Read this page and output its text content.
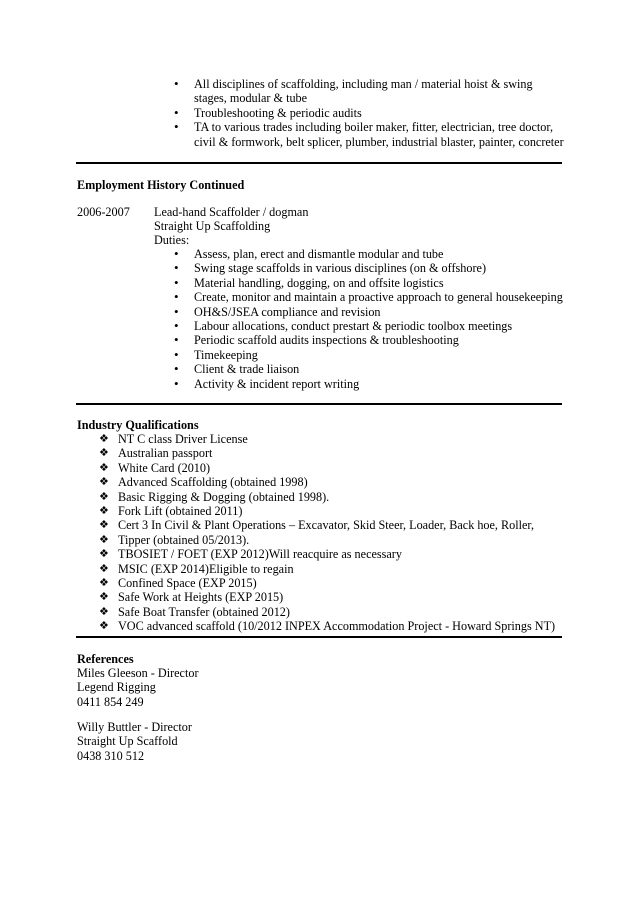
• All disciplines of scaffolding, including man / material hoist & swing stages, modular & tube
• Troubleshooting & periodic audits
• TA to various trades including boiler maker, fitter, electrician, tree doctor, civil & formwork, belt splicer, plumber, industrial blaster, painter, concreter
Employment History Continued
2006-2007 Lead-hand Scaffolder / dogman
Straight Up Scaffolding
Duties:
• Assess, plan, erect and dismantle modular and tube
• Swing stage scaffolds in various disciplines (on & offshore)
• Material handling, dogging, on and offsite logistics
• Create, monitor and maintain a proactive approach to general housekeeping
• OH&S/JSEA compliance and revision
• Labour allocations, conduct prestart & periodic toolbox meetings
• Periodic scaffold audits inspections & troubleshooting
• Timekeeping
• Client & trade liaison
• Activity & incident report writing
Industry Qualifications
❖ NT C class Driver License
❖ Australian passport
❖ White Card (2010)
❖ Advanced Scaffolding (obtained 1998)
❖ Basic Rigging & Dogging (obtained 1998).
❖ Fork Lift (obtained 2011)
❖ Cert 3 In Civil & Plant Operations – Excavator, Skid Steer, Loader, Back hoe, Roller,
❖ Tipper (obtained 05/2013).
❖ TBOSIET / FOET (EXP 2012)Will reacquire as necessary
❖ MSIC (EXP 2014)Eligible to regain
❖ Confined Space (EXP 2015)
❖ Safe Work at Heights (EXP 2015)
❖ Safe Boat Transfer (obtained 2012)
❖ VOC advanced scaffold (10/2012 INPEX Accommodation Project - Howard Springs NT)
References
Miles Gleeson - Director
Legend Rigging
0411 854 249
Willy Buttler - Director
Straight Up Scaffold
0438 310 512
